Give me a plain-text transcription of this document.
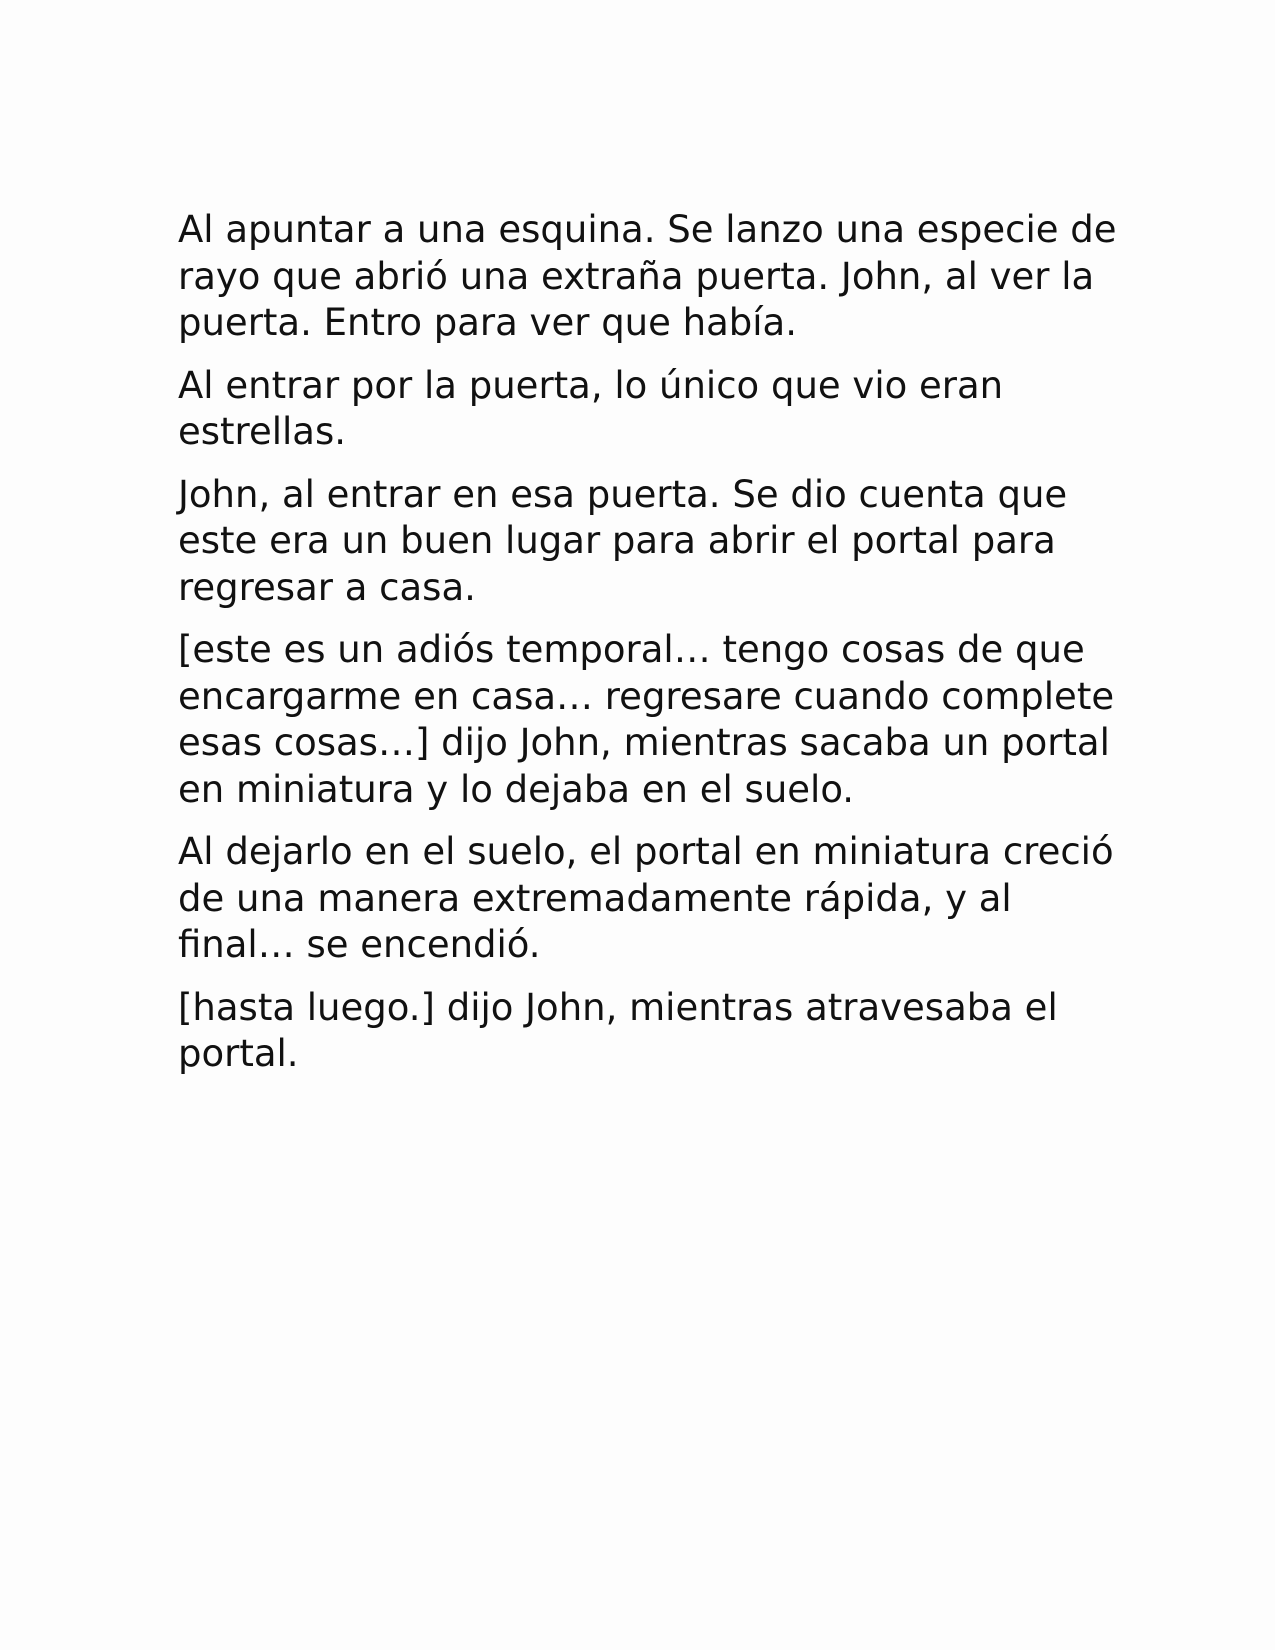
Al apuntar a una esquina. Se lanzo una especie de rayo que abrió una extraña puerta. John, al ver la puerta. Entro para ver que había.

Al entrar por la puerta, lo único que vio eran estrellas.

John, al entrar en esa puerta. Se dio cuenta que este era un buen lugar para abrir el portal para regresar a casa.

[este es un adiós temporal… tengo cosas de que encargarme en casa… regresare cuando complete esas cosas…] dijo John, mientras sacaba un portal en miniatura y lo dejaba en el suelo.

Al dejarlo en el suelo, el portal en miniatura creció de una manera extremadamente rápida, y al final… se encendió.

[hasta luego.] dijo John, mientras atravesaba el portal.
